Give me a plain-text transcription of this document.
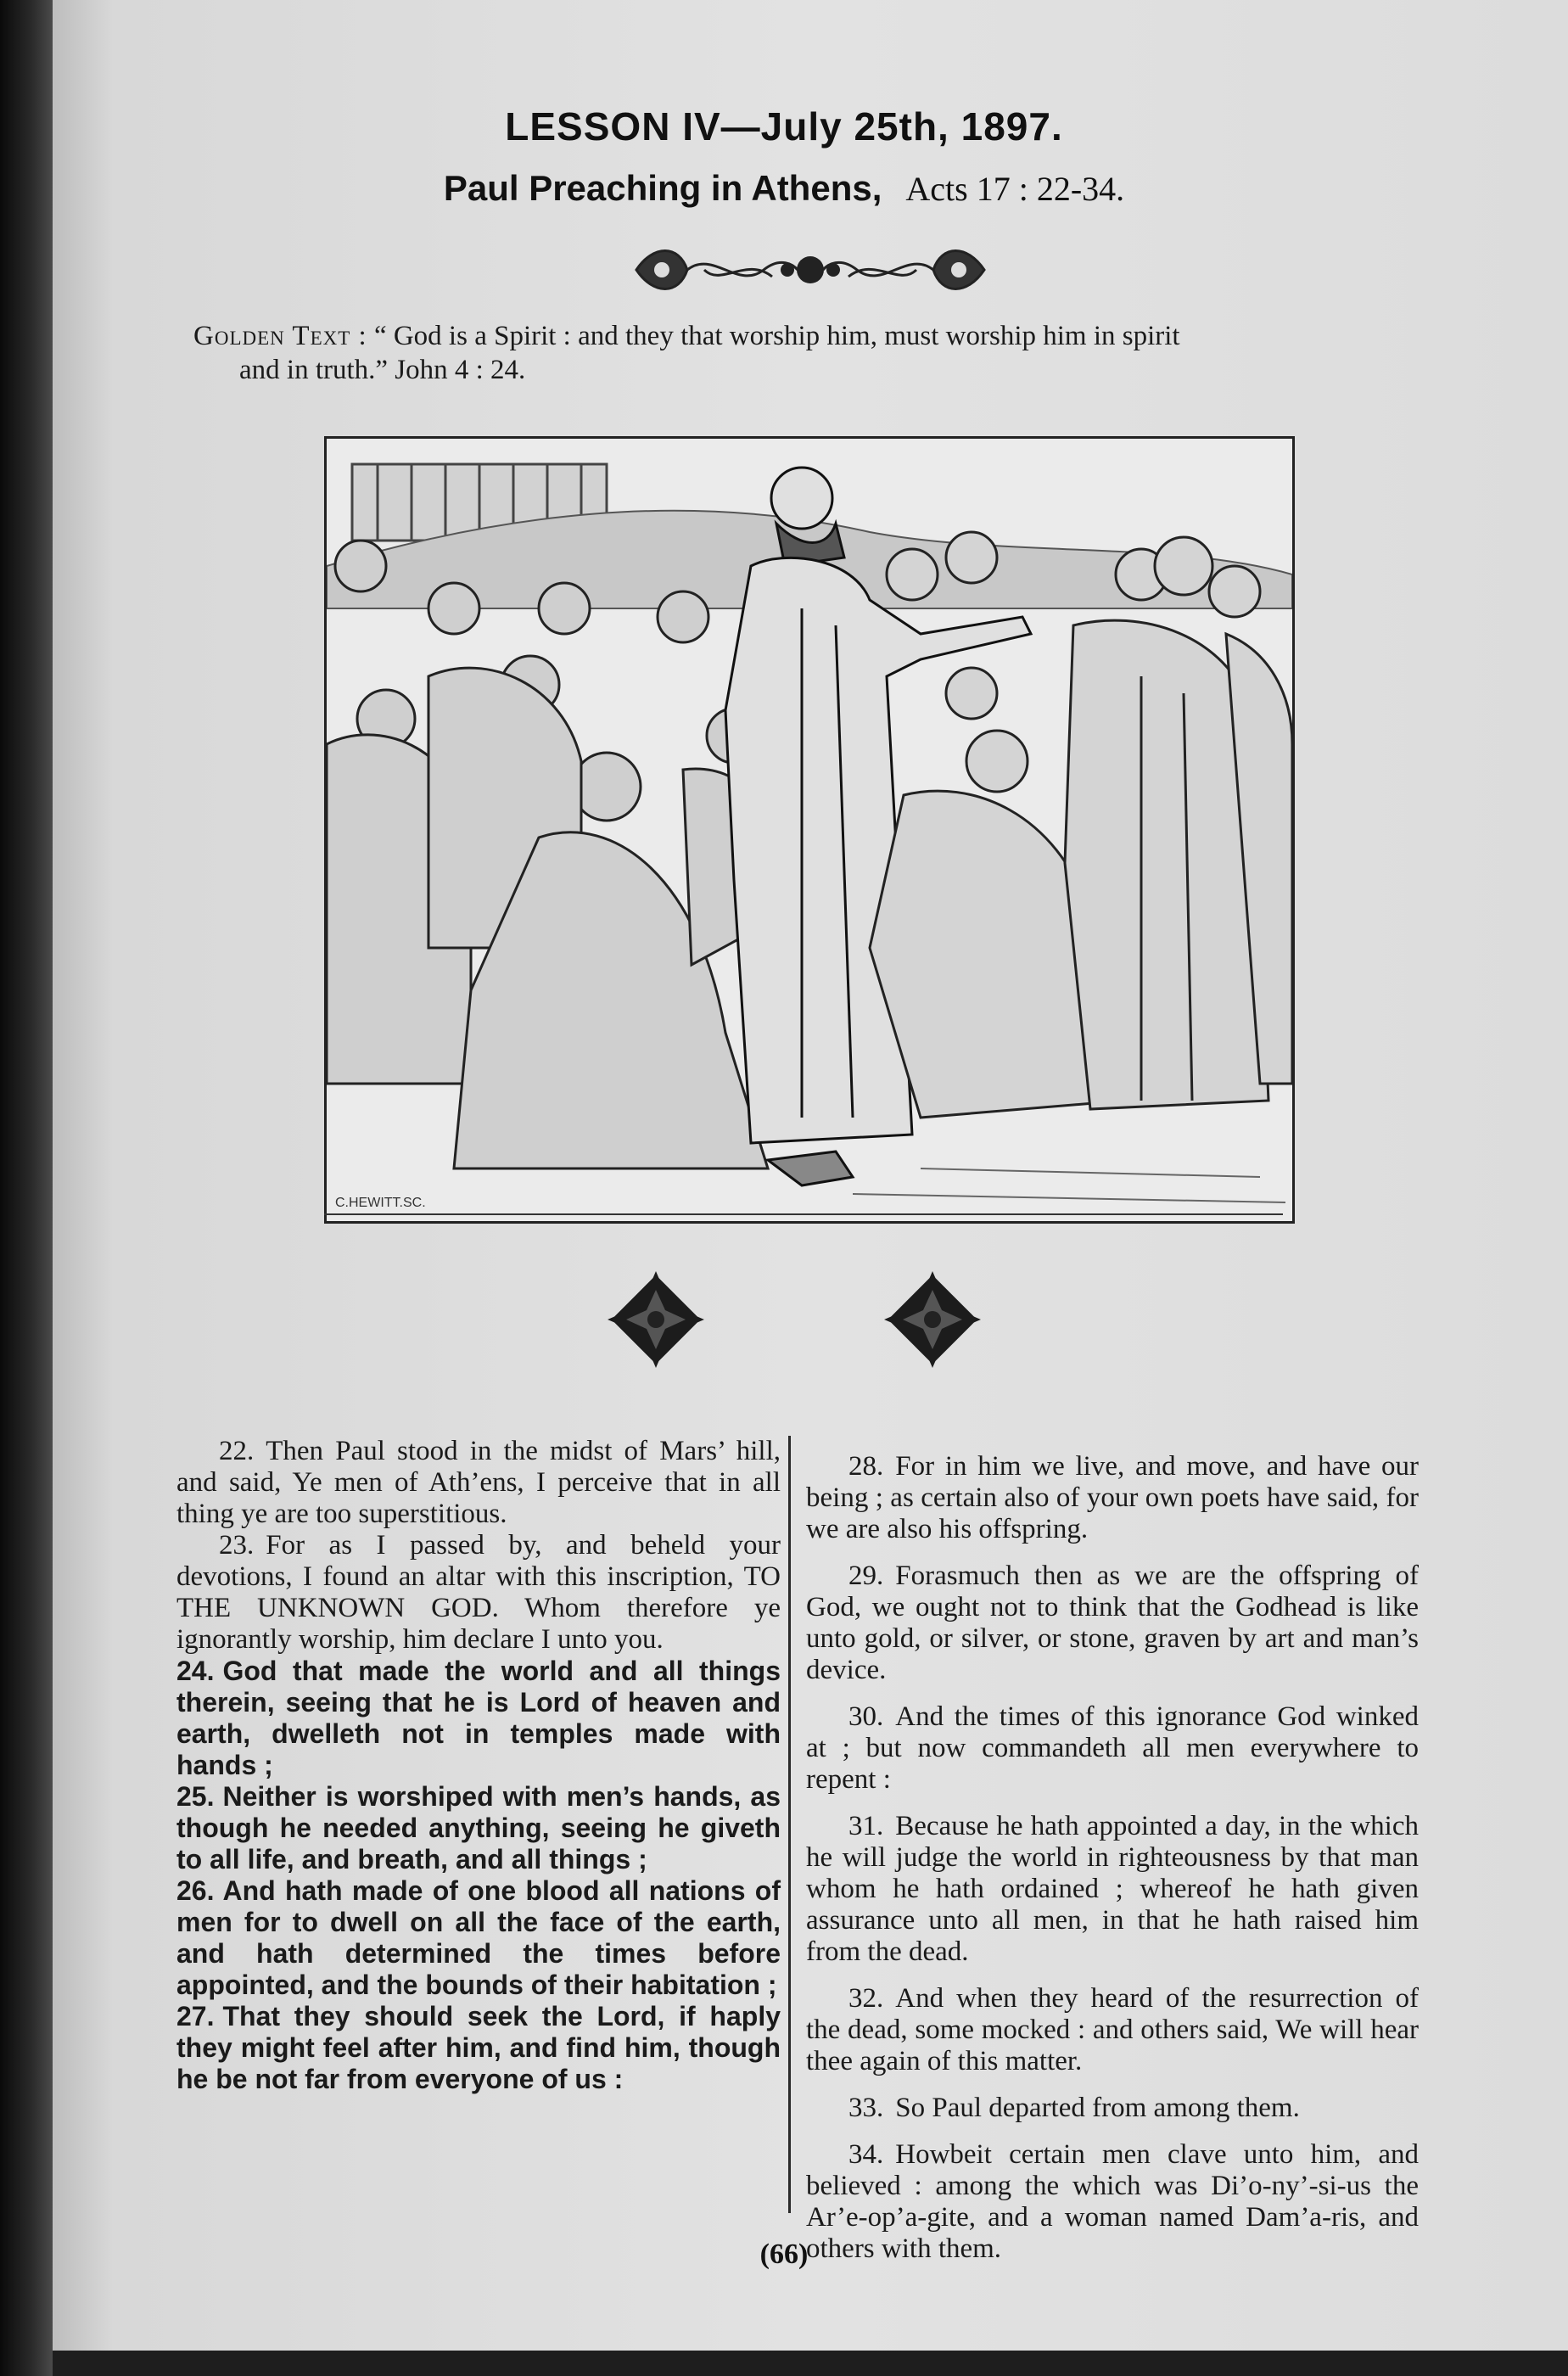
LESSON IV—July 25th, 1897.
Paul Preaching in Athens, Acts 17 : 22-34.
Golden Text : “ God is a Spirit : and they that worship him, must worship him in spirit
and in truth.” John 4 : 24.
C.HEWITT.SC.

22. Then Paul stood in the midst of Mars’ hill, and said, Ye men of Ath’ens, I perceive that in all thing ye are too superstitious.

23. For as I passed by, and beheld your devotions, I found an altar with this inscription, TO THE UNKNOWN GOD. Whom therefore ye ignorantly worship, him declare I unto you.

24. God that made the world and all things therein, seeing that he is Lord of heaven and earth, dwelleth not in temples made with hands ;

25. Neither is worshiped with men’s hands, as though he needed anything, seeing he giveth to all life, and breath, and all things ;

26. And hath made of one blood all nations of men for to dwell on all the face of the earth, and hath determined the times before appointed, and the bounds of their habitation ;

27. That they should seek the Lord, if haply they might feel after him, and find him, though he be not far from everyone of us :

28. For in him we live, and move, and have our being ; as certain also of your own poets have said, for we are also his offspring.

29. Forasmuch then as we are the offspring of God, we ought not to think that the Godhead is like unto gold, or silver, or stone, graven by art and man’s device.

30. And the times of this ignorance God winked at ; but now commandeth all men everywhere to repent :

31. Because he hath appointed a day, in the which he will judge the world in righteousness by that man whom he hath ordained ; whereof he hath given assurance unto all men, in that he hath raised him from the dead.

32. And when they heard of the resurrection of the dead, some mocked : and others said, We will hear thee again of this matter.

33. So Paul departed from among them.

34. Howbeit certain men clave unto him, and believed : among the which was Di’o-ny’-si-us the Ar’e-op’a-gite, and a woman named Dam’a-ris, and others with them.

(66)
